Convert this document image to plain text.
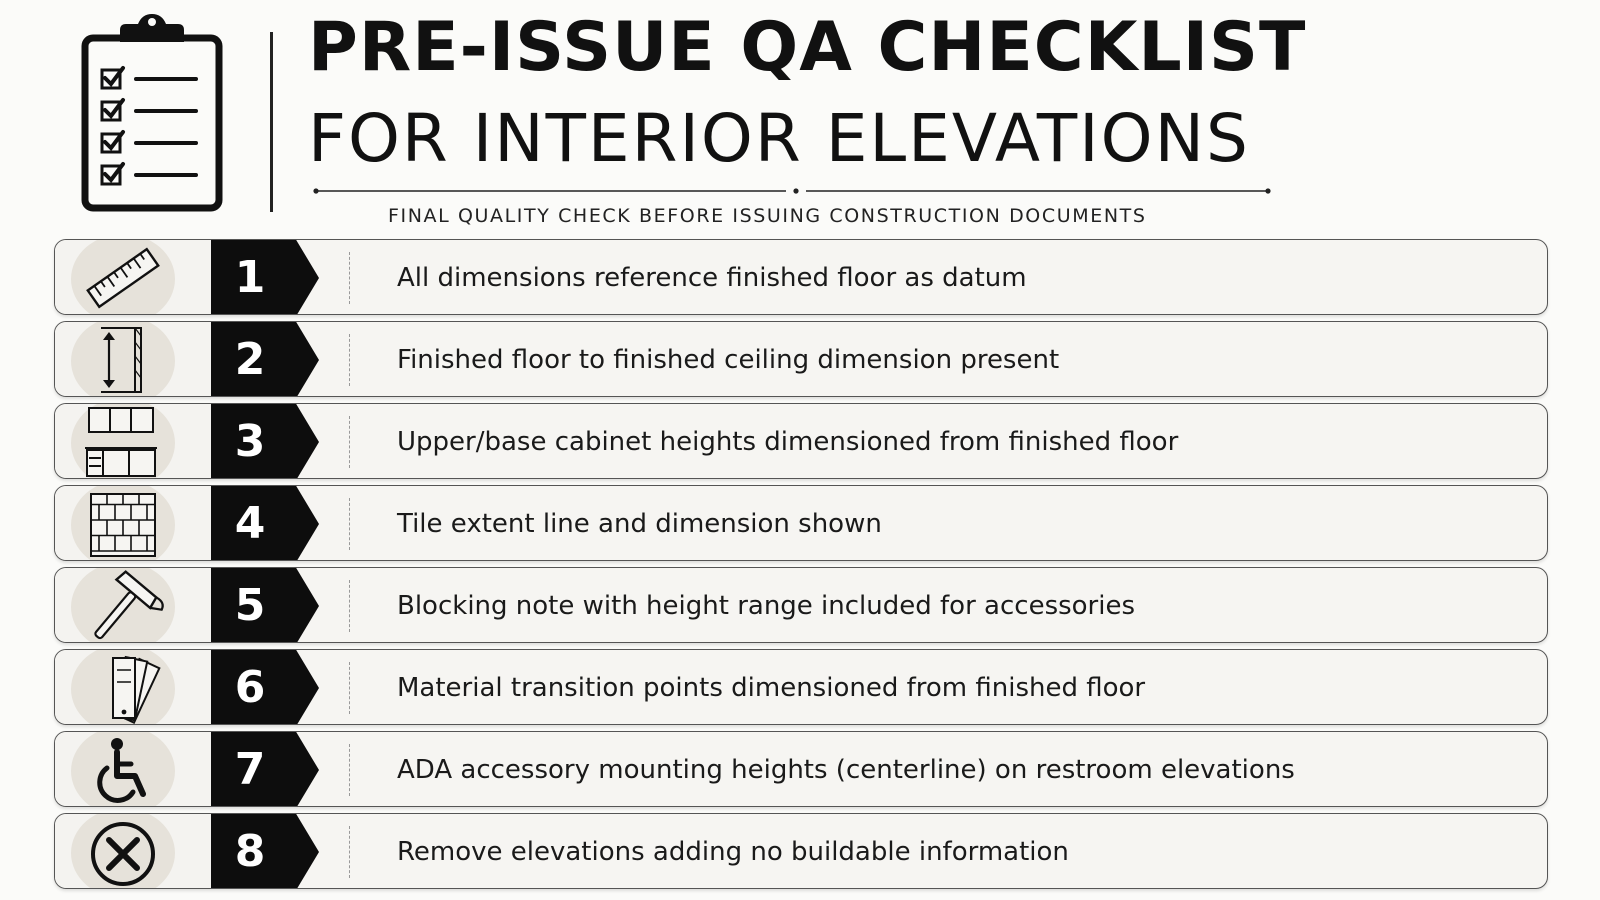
PRE-ISSUE QA CHECKLIST
FOR INTERIOR ELEVATIONS
FINAL QUALITY CHECK BEFORE ISSUING CONSTRUCTION DOCUMENTS
1	All dimensions reference finished floor as datum
2	Finished floor to finished ceiling dimension present
3	Upper/base cabinet heights dimensioned from finished floor
4	Tile extent line and dimension shown
5	Blocking note with height range included for accessories
6	Material transition points dimensioned from finished floor
7	ADA accessory mounting heights (centerline) on restroom elevations
8	Remove elevations adding no buildable information
